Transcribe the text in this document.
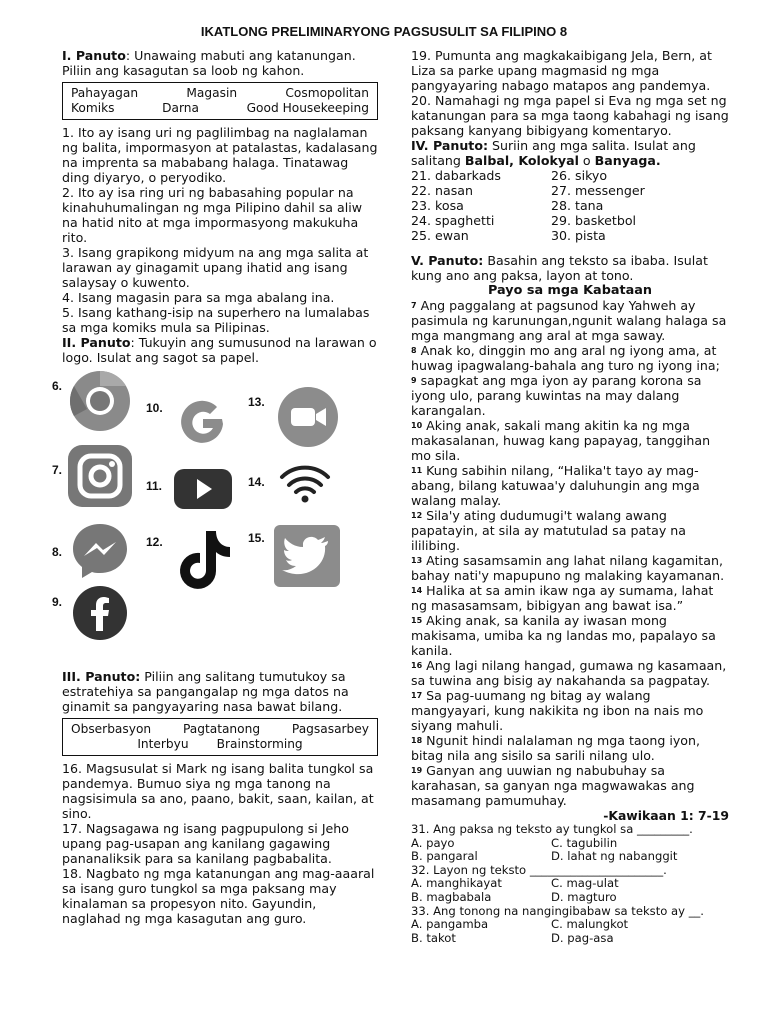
IKATLONG PRELIMINARYONG PAGSUSULIT SA FILIPINO 8

I. Panuto: Unawaing mabuti ang katanungan. Piliin ang kasagutan sa loob ng kahon.

Pahayagan	Magasin	Cosmopolitan
Komiks	Darna	Good Housekeeping

1. Ito ay isang uri ng paglilimbag na naglalaman ng balita, impormasyon at patalastas, kadalasang na imprenta sa mababang halaga. Tinatawag ding diyaryo, o peryodiko.

2. Ito ay isa ring uri ng babasahing popular na kinahuhumalingan ng mga Pilipino dahil sa aliw na hatid nito at mga impormasyong makukuha rito.

3. Isang grapikong midyum na ang mga salita at larawan ay ginagamit upang ihatid ang isang salaysay o kuwento.

4. Isang magasin para sa mga abalang ina.

5. Isang kathang-isip na superhero na lumalabas sa mga komiks mula sa Pilipinas.

II. Panuto: Tukuyin ang sumusunod na larawan o logo. Isulat ang sagot sa papel.

6.
7.
8.
9.
10.
11.
12.
13.
14.
15.

III. Panuto: Piliin ang salitang tumutukoy sa estratehiya sa pangangalap ng mga datos na ginamit sa pangyayaring nasa bawat bilang.

Obserbasyon	Pagtatanong	Pagsasarbey
Interbyu Brainstorming

16. Magsusulat si Mark ng isang balita tungkol sa pandemya. Bumuo siya ng mga tanong na nagsisimula sa ano, paano, bakit, saan, kailan, at sino.

17. Nagsagawa ng isang pagpupulong si Jeho upang pag-usapan ang kanilang gagawing pananaliksik para sa kanilang pagbabalita.

18. Nagbato ng mga katanungan ang mag-aaaral sa isang guro tungkol sa mga paksang may kinalaman sa propesyon nito. Gayundin, naglahad ng mga kasagutan ang guro.

19. Pumunta ang magkakaibigang Jela, Bern, at Liza sa parke upang magmasid ng mga pangyayaring nabago matapos ang pandemya.

20. Namahagi ng mga papel si Eva ng mga set ng katanungan para sa mga taong kabahagi ng isang paksang kanyang bibigyang komentaryo.

IV. Panuto: Suriin ang mga salita. Isulat ang salitang Balbal, Kolokyal o Banyaga.

21. dabarkads	26. sikyo
22. nasan	27. messenger
23. kosa	28. tana
24. spaghetti	29. basketbol
25. ewan	30. pista

V. Panuto: Basahin ang teksto sa ibaba. Isulat kung ano ang paksa, layon at tono.

Payo sa mga Kabataan

$^7$ Ang paggalang at pagsunod kay Yahweh ay pasimula ng karunungan,ngunit walang halaga sa mga mangmang ang aral at mga saway.

$^8$ Anak ko, dinggin mo ang aral ng iyong ama, at huwag ipagwalang-bahala ang turo ng iyong ina;

$^9$ sapagkat ang mga iyon ay parang korona sa iyong ulo, parang kuwintas na may dalang karangalan.

$^{10}$ Aking anak, sakali mang akitin ka ng mga makasalanan, huwag kang papayag, tanggihan mo sila.

$^{11}$ Kung sabihin nilang, “Halika't tayo ay mag-abang, bilang katuwaa'y daluhungin ang mga walang malay.

$^{12}$ Sila'y ating dudumugi't walang awang papatayin, at sila ay matutulad sa patay na ililibing.

$^{13}$ Ating sasamsamin ang lahat nilang kagamitan, bahay nati'y mapupuno ng malaking kayamanan.

$^{14}$ Halika at sa amin ikaw nga ay sumama, lahat ng masasamsam, bibigyan ang bawat isa.”

$^{15}$ Aking anak, sa kanila ay iwasan mong makisama, umiba ka ng landas mo, papalayo sa kanila.

$^{16}$ Ang lagi nilang hangad, gumawa ng kasamaan, sa tuwina ang bisig ay nakahanda sa pagpatay.

$^{17}$ Sa pag-uumang ng bitag ay walang mangyayari, kung nakikita ng ibon na nais mo siyang mahuli.

$^{18}$ Ngunit hindi nalalaman ng mga taong iyon, bitag nila ang sisilo sa sarili nilang ulo.

$^{19}$ Ganyan ang uuwian ng nabubuhay sa karahasan, sa ganyan nga magwawakas ang masamang pamumuhay.

-Kawikaan 1: 7-19
31. Ang paksa ng teksto ay tungkol sa _________.
A. payo	C. tagubilin
B. pangaral	D. lahat ng nabanggit
32. Layon ng teksto _______________________.
A. manghikayat	C. mag-ulat
B. magbabala	D. magturo
33. Ang tonong na nangingibabaw sa teksto ay __.
A. pangamba	C. malungkot
B. takot	D. pag-asa
